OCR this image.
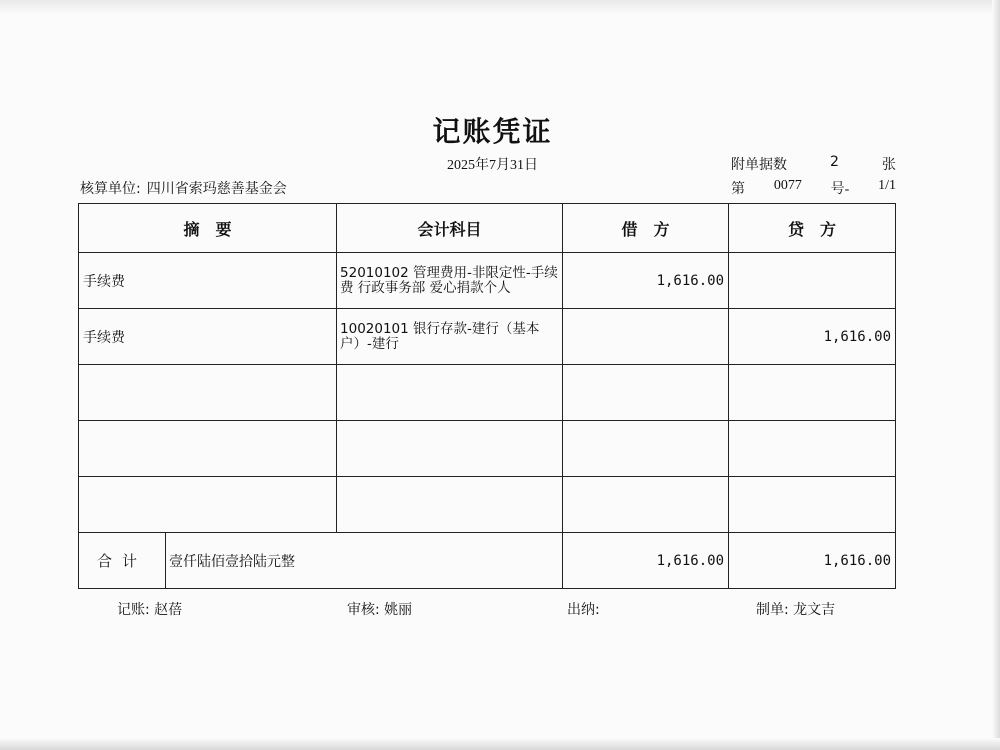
记账凭证
2025年7月31日	附单据数	2	张
核算单位: 四川省索玛慈善基金会	第 0077 号- 1/1
摘　要		会计科目	借　方	贷　方
手续费		52010102 管理费用-非限定性-手续费 行政事务部 爱心捐款个人	1,616.00	
手续费		10020101 银行存款-建行（基本户）-建行		1,616.00

合计	壹仟陆佰壹拾陆元整		1,616.00	1,616.00
记账: 赵蓓	审核: 姚丽	出纳:	制单: 龙文吉
